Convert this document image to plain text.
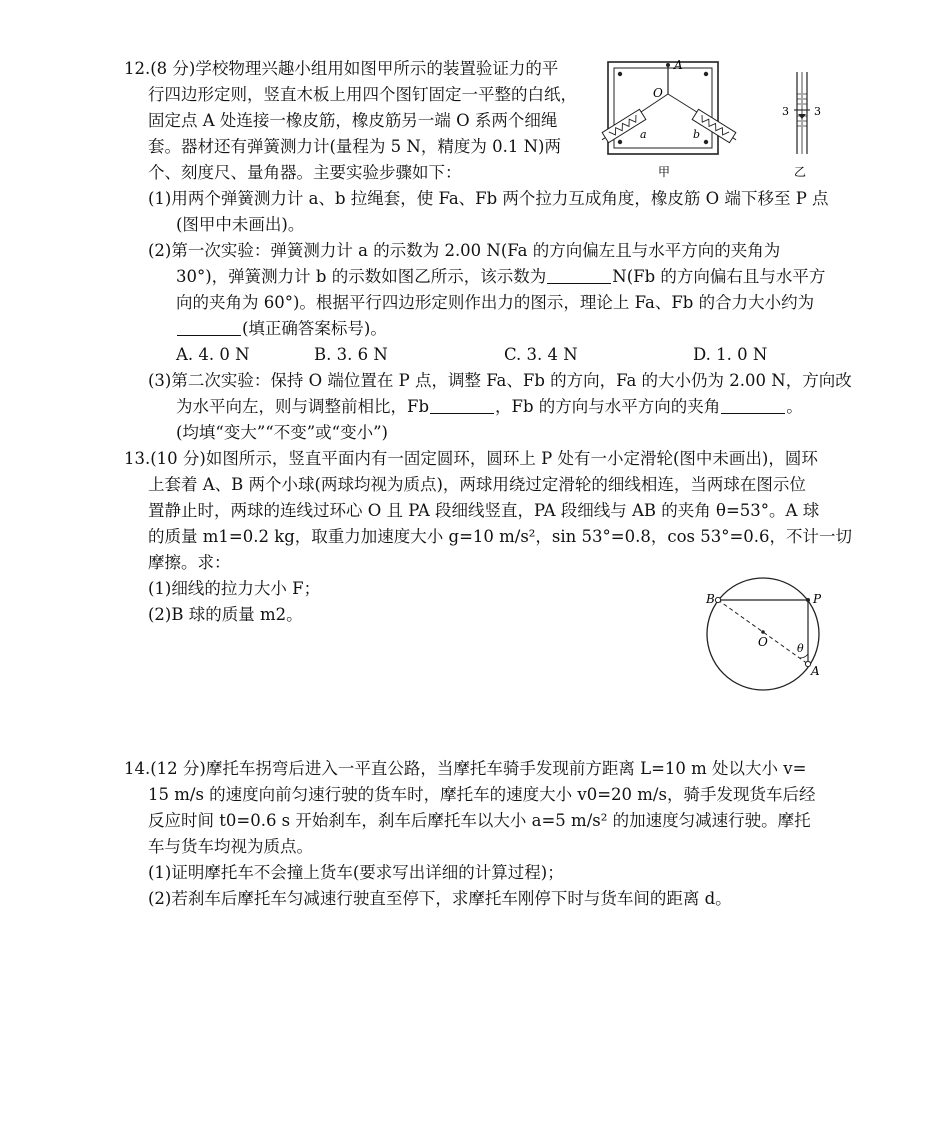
12.(8 分)学校物理兴趣小组用如图甲所示的装置验证力的平
行四边形定则，竖直木板上用四个图钉固定一平整的白纸，
固定点 A 处连接一橡皮筋，橡皮筋另一端 O 系两个细绳
套。器材还有弹簧测力计(量程为 5 N，精度为 0.1 N)两
个、刻度尺、量角器。主要实验步骤如下：
(1)用两个弹簧测力计 a、b 拉绳套，使 Fa、Fb 两个拉力互成角度，橡皮筋 O 端下移至 P 点
(图甲中未画出)。
(2)第一次实验：弹簧测力计 a 的示数为 2.00 N(Fa 的方向偏左且与水平方向的夹角为
30°)，弹簧测力计 b 的示数如图乙所示，该示数为	N(Fb 的方向偏右且与水平方
向的夹角为 60°)。根据平行四边形定则作出力的图示，理论上 Fa、Fb 的合力大小约为
(填正确答案标号)。
A. 4. 0 N	B. 3. 6 N	C. 3. 4 N	D. 1. 0 N
(3)第二次实验：保持 O 端位置在 P 点，调整 Fa、Fb 的方向，Fa 的大小仍为 2.00 N，方向改
为水平向左，则与调整前相比，Fb	，Fb 的方向与水平方向的夹角	。
(均填“变大”“不变”或“变小”)
A
O
a	b
甲
3 3
乙
13.(10 分)如图所示，竖直平面内有一固定圆环，圆环上 P 处有一小定滑轮(图中未画出)，圆环
上套着 A、B 两个小球(两球均视为质点)，两球用绕过定滑轮的细线相连，当两球在图示位
置静止时，两球的连线过环心 O 且 PA 段细线竖直，PA 段细线与 AB 的夹角 θ=53°。A 球
的质量 m1=0.2 kg，取重力加速度大小 g=10 m/s²，sin 53°=0.8，cos 53°=0.6，不计一切
摩擦。求：
(1)细线的拉力大小 F；
(2)B 球的质量 m2。
B	P
O	θ
A
14.(12 分)摩托车拐弯后进入一平直公路，当摩托车骑手发现前方距离 L=10 m 处以大小 v=
15 m/s 的速度向前匀速行驶的货车时，摩托车的速度大小 v0=20 m/s，骑手发现货车后经
反应时间 t0=0.6 s 开始刹车，刹车后摩托车以大小 a=5 m/s² 的加速度匀减速行驶。摩托
车与货车均视为质点。
(1)证明摩托车不会撞上货车(要求写出详细的计算过程)；
(2)若刹车后摩托车匀减速行驶直至停下，求摩托车刚停下时与货车间的距离 d。
